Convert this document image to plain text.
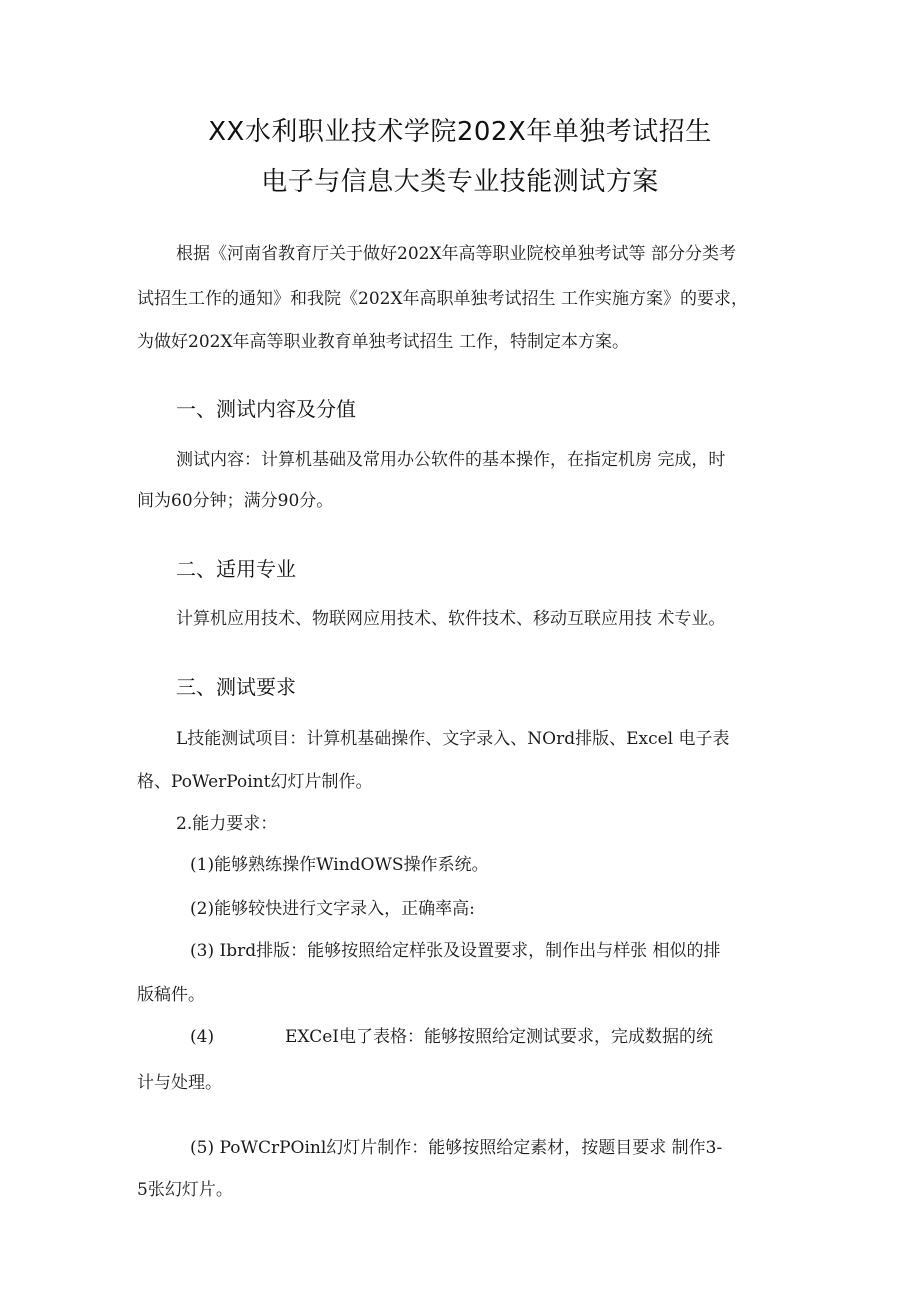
XX水利职业技术学院202X年单独考试招生
电子与信息大类专业技能测试方案
根据《河南省教育厅关于做好202X年高等职业院校单独考试等 部分分类考
试招生工作的通知》和我院《202X年高职单独考试招生 工作实施方案》的要求，
为做好202X年高等职业教育单独考试招生 工作，特制定本方案。
一、测试内容及分值
测试内容：计算机基础及常用办公软件的基本操作，在指定机房 完成，时
间为60分钟；满分90分。
二、适用专业
计算机应用技术、物联网应用技术、软件技术、移动互联应用技 术专业。
三、测试要求
L技能测试项目：计算机基础操作、文字录入、NOrd排版、Excel 电子表
格、PoWerPoint幻灯片制作。
2.能力要求：
(1)能够熟练操作WindOWS操作系统。
(2)能够较快进行文字录入，正确率高:
(3) Ibrd排版：能够按照给定样张及设置要求，制作出与样张 相似的排
版稿件。
(4)	EXCeI电了表格：能够按照给定测试要求，完成数据的统
计与处理。
(5) PoWCrPOinl幻灯片制作：能够按照给定素材，按题目要求 制作3-
5张幻灯片。
